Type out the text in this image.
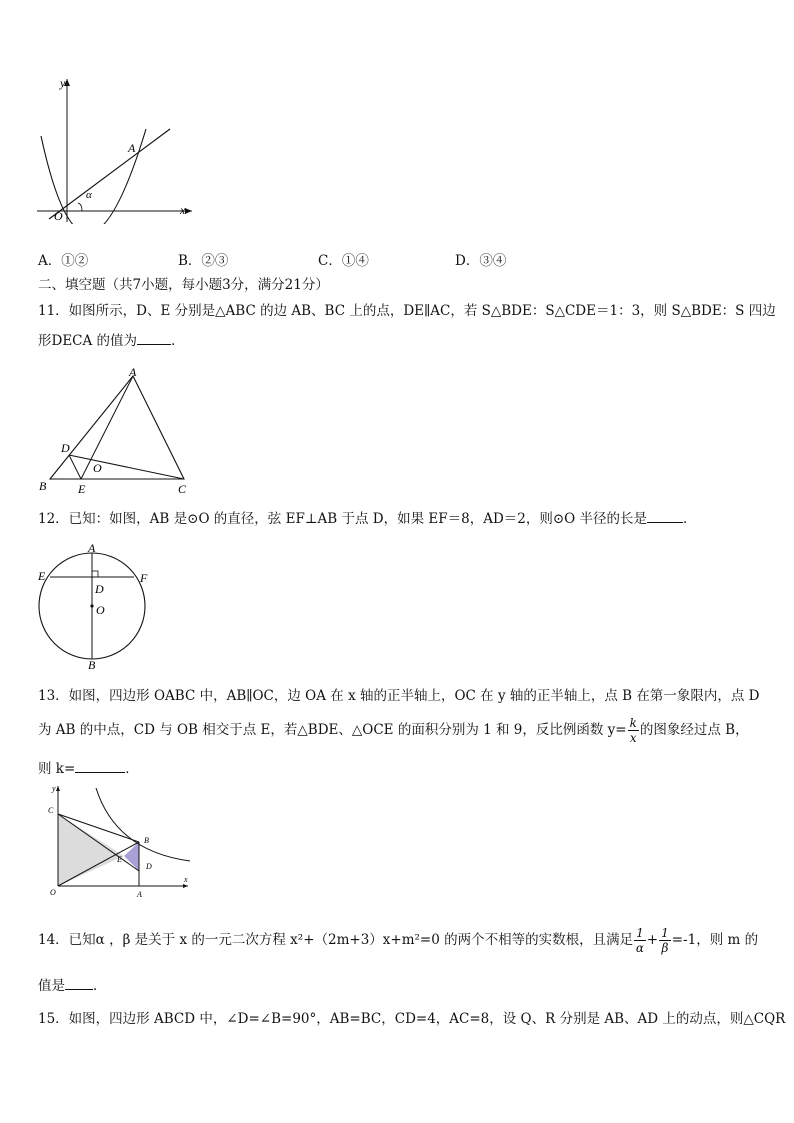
y
x
A
α
O
A．①②	B．②③	C．①④	D．③④
二、填空题（共7小题，每小题3分，满分21分）
11．如图所示，D、E 分别是△ABC 的边 AB、BC 上的点，DE∥AC，若 S△BDE：S△CDE＝1：3，则 S△BDE：S 四边
形DECA 的值为	．
A
D
O
B	E	C
12．已知：如图，AB 是⊙O 的直径，弦 EF⊥AB 于点 D，如果 EF＝8，AD＝2，则⊙O 半径的长是	．
A
E	F
D
O
B
13．如图，四边形 OABC 中，AB∥OC，边 OA 在 x 轴的正半轴上，OC 在 y 轴的正半轴上，点 B 在第一象限内，点 D
为 AB 的中点，CD 与 OB 相交于点 E，若△BDE、△OCE 的面积分别为 1 和 9，反比例函数 $y= \frac{k}{x}$ 的图象经过点 B，
则 k=	．
y
C
B
E
D
O	A
x
14．已知α ，β 是关于 x 的一元二次方程 x²+（2m+3）x+m²=0 的两个不相等的实数根，且满足 $\frac{1}{\alpha} + \frac{1}{\beta} =-1$，则 m 的
值是 ．
15．如图，四边形 ABCD 中，∠D=∠B=90°，AB=BC，CD=4，AC=8，设 Q、R 分别是 AB、AD 上的动点，则△CQR
